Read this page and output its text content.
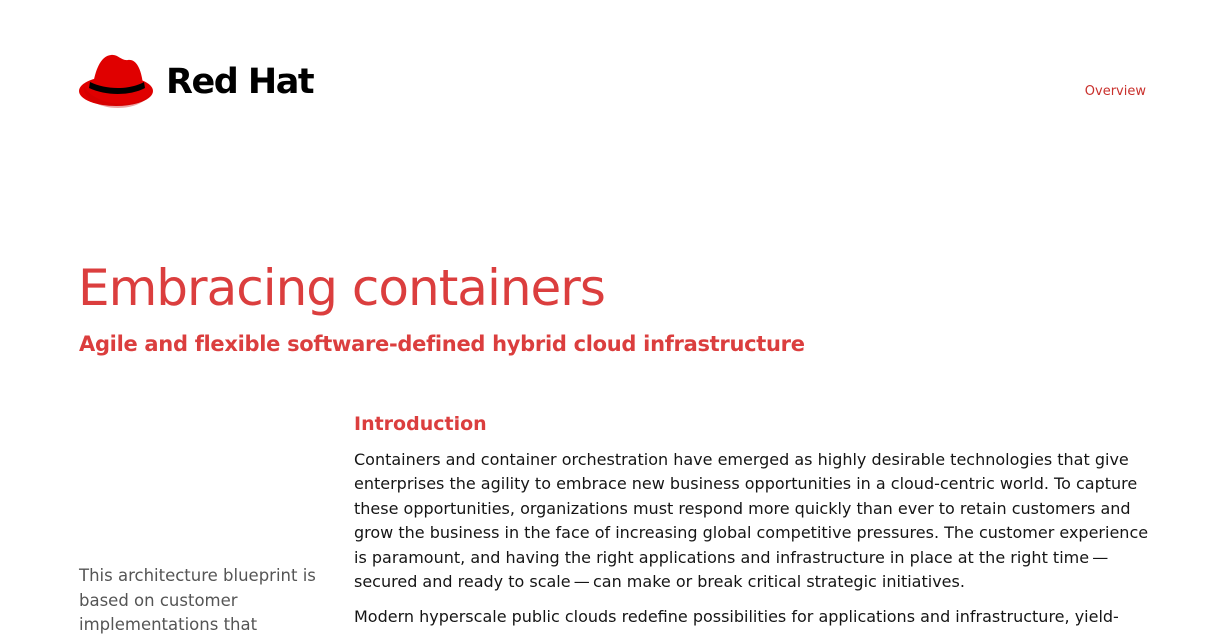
Red Hat	Overview
Embracing containers
Agile and flexible software-defined hybrid cloud infrastructure
This architecture blueprint is based on customer implementations that
Introduction

Containers and container orchestration have emerged as highly desirable technologies that give enterprises the agility to embrace new business opportunities in a cloud-centric world. To capture these opportunities, organizations must respond more quickly than ever to retain customers and grow the business in the face of increasing global competitive pressures. The customer experience is paramount, and having the right applications and infrastructure in place at the right time — secured and ready to scale — can make or break critical strategic initiatives.

Modern hyperscale public clouds redefine possibilities for applications and infrastructure, yield-
